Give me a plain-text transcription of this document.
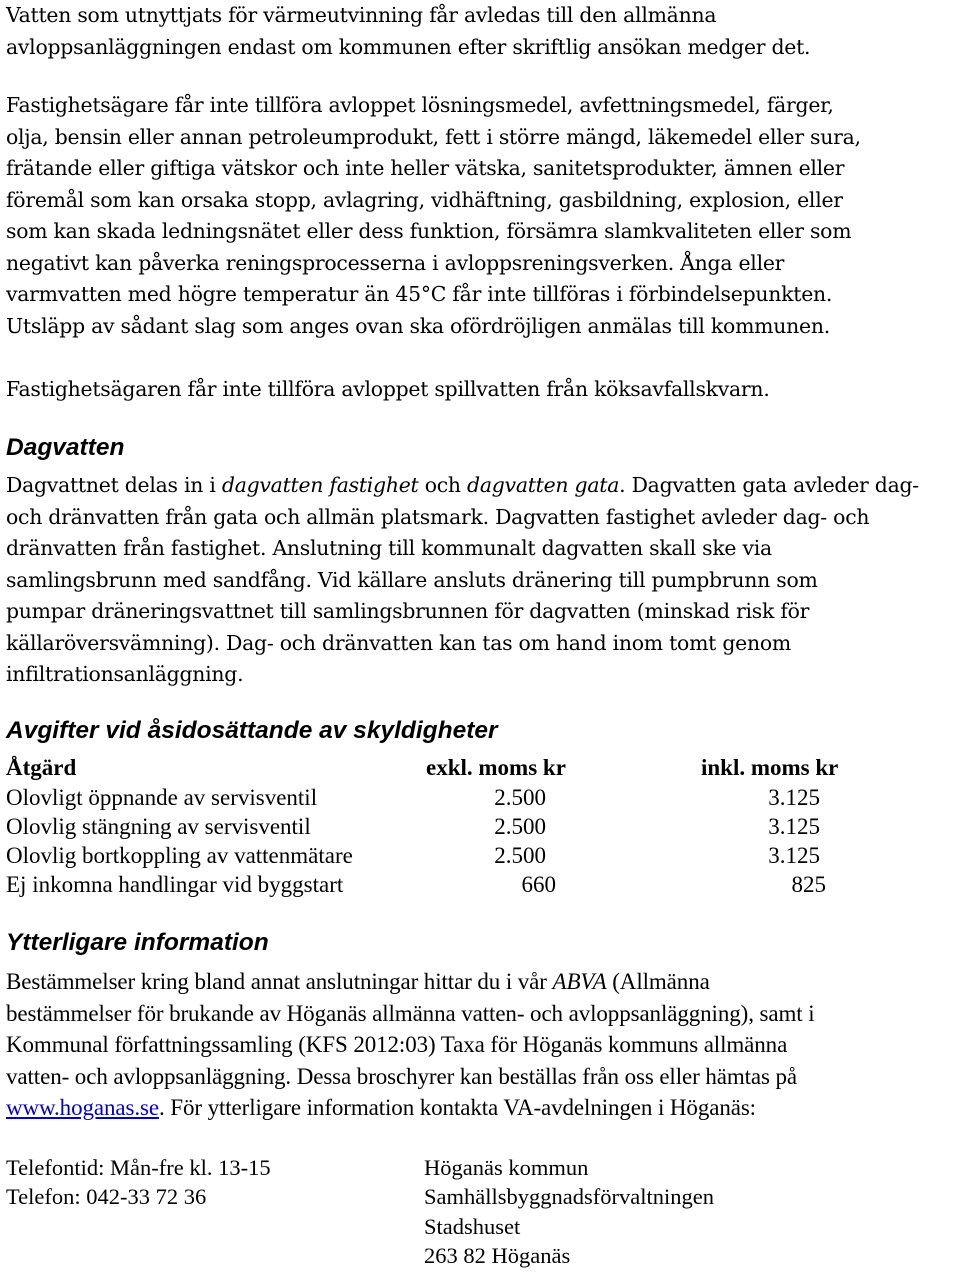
Vatten som utnyttjats för värmeutvinning får avledas till den allmänna
avloppsanläggningen endast om kommunen efter skriftlig ansökan medger det.
Fastighetsägare får inte tillföra avloppet lösningsmedel, avfettningsmedel, färger,
olja, bensin eller annan petroleumprodukt, fett i större mängd, läkemedel eller sura,
frätande eller giftiga vätskor och inte heller vätska, sanitetsprodukter, ämnen eller
föremål som kan orsaka stopp, avlagring, vidhäftning, gasbildning, explosion, eller
som kan skada ledningsnätet eller dess funktion, försämra slamkvaliteten eller som
negativt kan påverka reningsprocesserna i avloppsreningsverken. Ånga eller
varmvatten med högre temperatur än 45°C får inte tillföras i förbindelsepunkten.
Utsläpp av sådant slag som anges ovan ska ofördröjligen anmälas till kommunen.
Fastighetsägaren får inte tillföra avloppet spillvatten från köksavfallskvarn.
Dagvatten
Dagvattnet delas in i dagvatten fastighet och dagvatten gata. Dagvatten gata avleder dag-
och dränvatten från gata och allmän platsmark. Dagvatten fastighet avleder dag- och
dränvatten från fastighet. Anslutning till kommunalt dagvatten skall ske via
samlingsbrunn med sandfång. Vid källare ansluts dränering till pumpbrunn som
pumpar dräneringsvattnet till samlingsbrunnen för dagvatten (minskad risk för
källaröversvämning). Dag- och dränvatten kan tas om hand inom tomt genom
infiltrationsanläggning.
Avgifter vid åsidosättande av skyldigheter
Åtgärd	exkl. moms kr	inkl. moms kr
Olovligt öppnande av servisventil	2.500	3.125
Olovlig stängning av servisventil	2.500	3.125
Olovlig bortkoppling av vattenmätare	2.500	3.125
Ej inkomna handlingar vid byggstart	660	825
Ytterligare information
Bestämmelser kring bland annat anslutningar hittar du i vår ABVA (Allmänna
bestämmelser för brukande av Höganäs allmänna vatten- och avloppsanläggning), samt i
Kommunal författningssamling (KFS 2012:03) Taxa för Höganäs kommuns allmänna
vatten- och avloppsanläggning. Dessa broschyrer kan beställas från oss eller hämtas på
www.hoganas.se. För ytterligare information kontakta VA-avdelningen i Höganäs:
Telefontid: Mån-fre kl. 13-15
Telefon: 042-33 72 36
Höganäs kommun
Samhällsbyggnadsförvaltningen
Stadshuset
263 82 Höganäs
